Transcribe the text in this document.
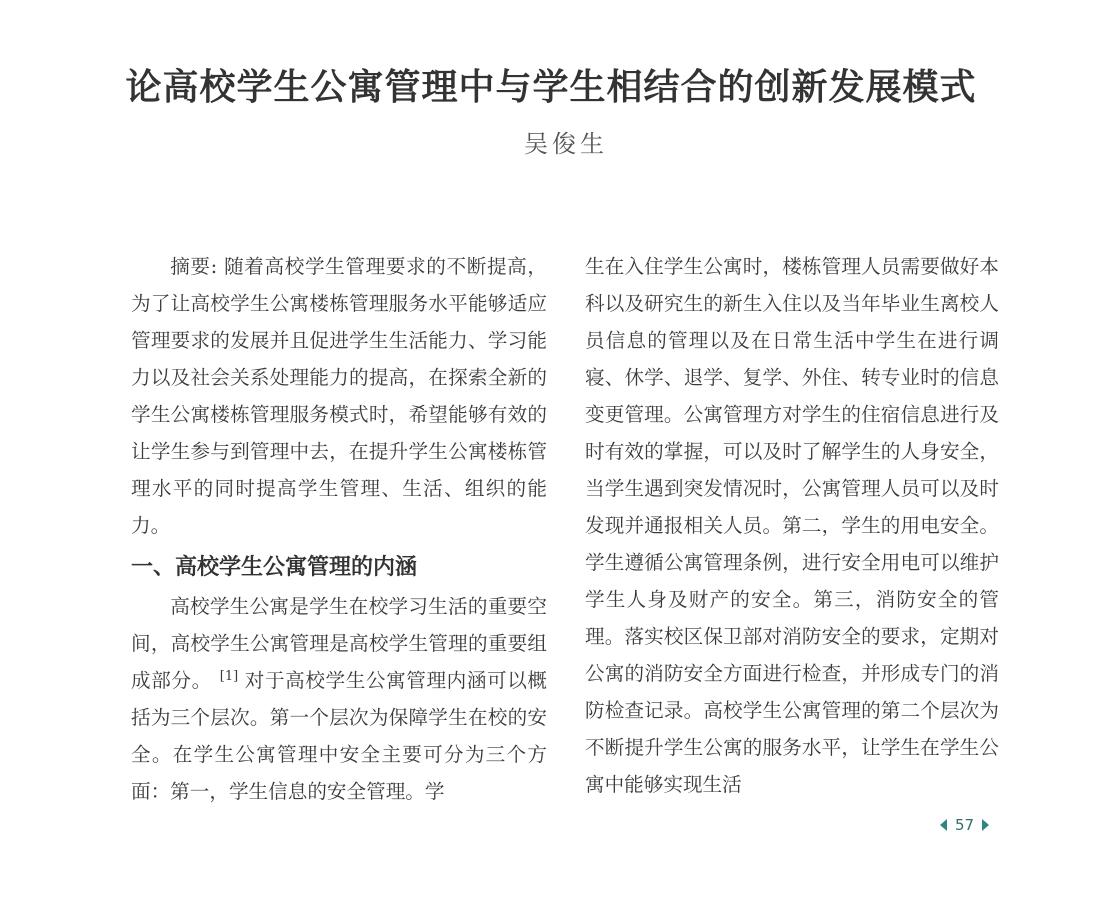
论高校学生公寓管理中与学生相结合的创新发展模式
吴俊生

摘要: 随着高校学生管理要求的不断提高，为了让高校学生公寓楼栋管理服务水平能够适应管理要求的发展并且促进学生生活能力、学习能力以及社会关系处理能力的提高，在探索全新的学生公寓楼栋管理服务模式时，希望能够有效的让学生参与到管理中去，在提升学生公寓楼栋管理水平的同时提高学生管理、生活、组织的能力。

一、高校学生公寓管理的内涵

高校学生公寓是学生在校学习生活的重要空间，高校学生公寓管理是高校学生管理的重要组成部分。 [1] 对于高校学生公寓管理内涵可以概括为三个层次。第一个层次为保障学生在校的安全。在学生公寓管理中安全主要可分为三个方面：第一，学生信息的安全管理。学

生在入住学生公寓时，楼栋管理人员需要做好本科以及研究生的新生入住以及当年毕业生离校人员信息的管理以及在日常生活中学生在进行调寝、休学、退学、复学、外住、转专业时的信息变更管理。公寓管理方对学生的住宿信息进行及时有效的掌握，可以及时了解学生的人身安全，当学生遇到突发情况时，公寓管理人员可以及时发现并通报相关人员。第二，学生的用电安全。学生遵循公寓管理条例，进行安全用电可以维护学生人身及财产的安全。第三，消防安全的管理。落实校区保卫部对消防安全的要求，定期对公寓的消防安全方面进行检查，并形成专门的消防检查记录。高校学生公寓管理的第二个层次为不断提升学生公寓的服务水平，让学生在学生公寓中能够实现生活

57
